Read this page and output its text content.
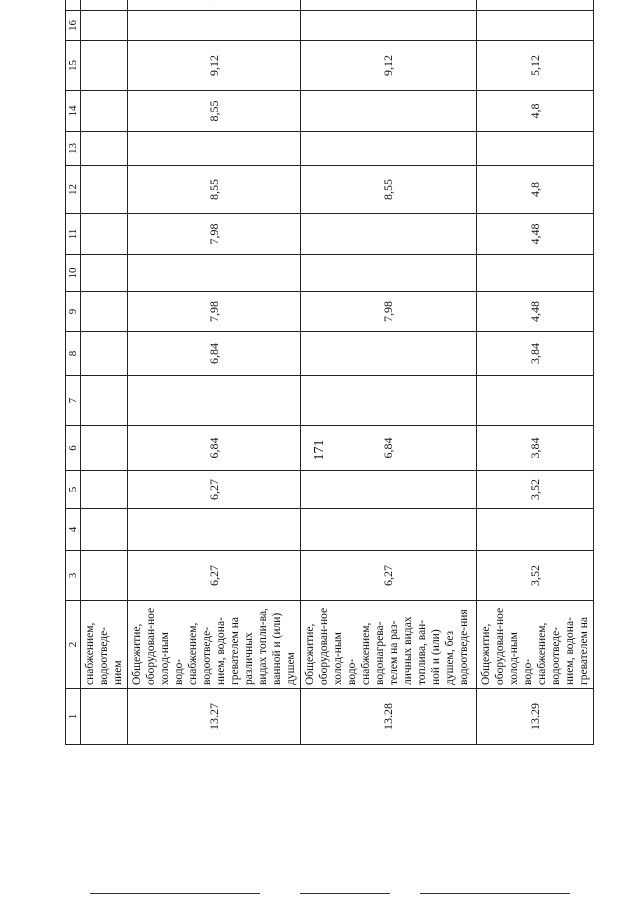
171
1	2	3	4	5	6	7	8	9	10	11	12	13	14	15	16	
	снабжением, водоотведе-нием															
13.27	Общежитие, оборудован-ное холод-ным водо-снабжением, водоотведе-нием, водона-гревателем на различных видах топли-ва, ванной и (или) душем	6,27		6,27	6,84		6,84	7,98		7,98	8,55		8,55	9,12		
13.28	Общежитие, оборудован-ное холод-ным водо-снабжением, водонагрева-телем на раз-личных видах топлива, ван-ной и (или) душем, без водоотведе-ния	6,27			6,84			7,98			8,55			9,12		
13.29	Общежитие, оборудован-ное холод-ным водо-снабжением, водоотведе-нием, водона-гревателем на	3,52		3,52	3,84		3,84	4,48		4,48	4,8		4,8	5,12		
